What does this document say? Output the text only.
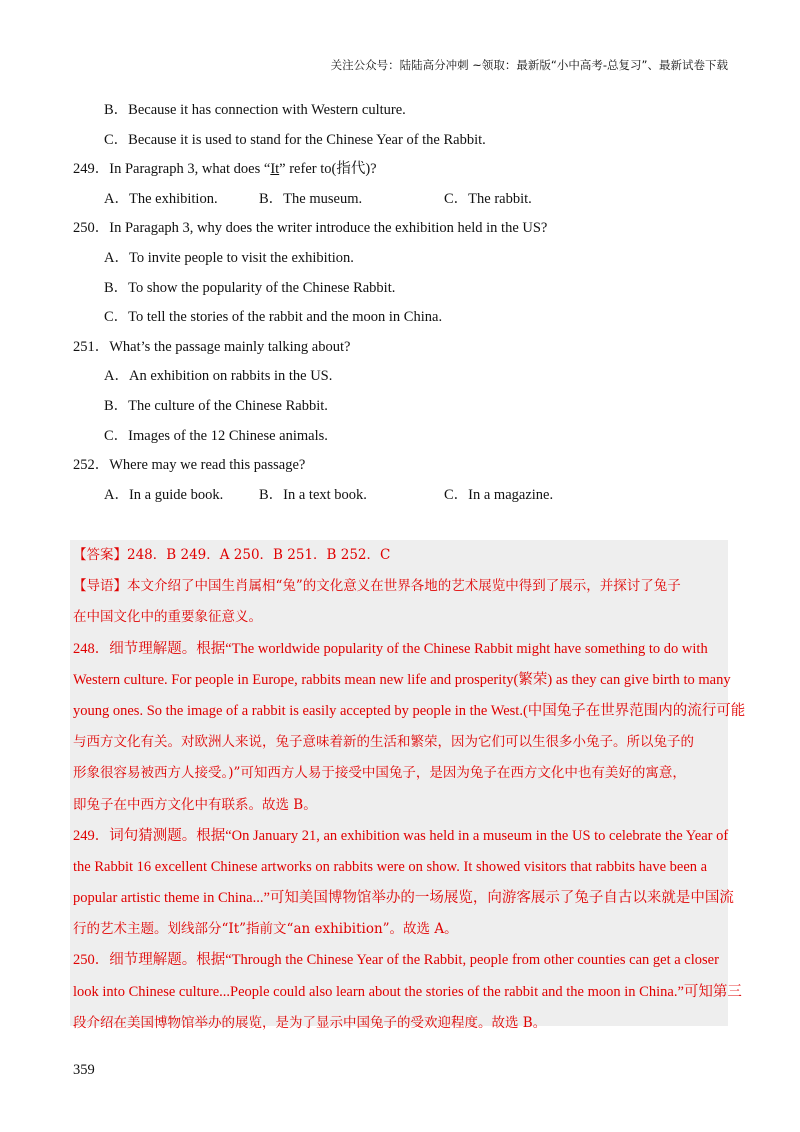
关注公众号：陆陆高分冲刺 ~领取：最新版“小中高考-总复习”、最新试卷下载
B．Because it has connection with Western culture.
C．Because it is used to stand for the Chinese Year of the Rabbit.
249．In Paragraph 3, what does “It” refer to(指代)?
A．The exhibition.	B．The museum.	C．The rabbit.
250．In Paragaph 3, why does the writer introduce the exhibition held in the US?
A．To invite people to visit the exhibition.
B．To show the popularity of the Chinese Rabbit.
C．To tell the stories of the rabbit and the moon in China.
251．What’s the passage mainly talking about?
A．An exhibition on rabbits in the US.
B．The culture of the Chinese Rabbit.
C．Images of the 12 Chinese animals.
252．Where may we read this passage?
A．In a guide book. B．In a text book.	C．In a magazine.
【答案】248．B 249．A 250．B 251．B 252．C
【导语】本文介绍了中国生肖属相“兔”的文化意义在世界各地的艺术展览中得到了展示，并探讨了兔子
在中国文化中的重要象征意义。
248．细节理解题。根据“The worldwide popularity of the Chinese Rabbit might have something to do with
Western culture. For people in Europe, rabbits mean new life and prosperity(繁荣) as they can give birth to many
young ones. So the image of a rabbit is easily accepted by people in the West.(中国兔子在世界范围内的流行可能
与西方文化有关。对欧洲人来说，兔子意味着新的生活和繁荣，因为它们可以生很多小兔子。所以兔子的
形象很容易被西方人接受。)”可知西方人易于接受中国兔子，是因为兔子在西方文化中也有美好的寓意，
即兔子在中西方文化中有联系。故选 B。
249．词句猜测题。根据“On January 21, an exhibition was held in a museum in the US to celebrate the Year of
the Rabbit 16 excellent Chinese artworks on rabbits were on show. It showed visitors that rabbits have been a
popular artistic theme in China...”可知美国博物馆举办的一场展览，向游客展示了兔子自古以来就是中国流
行的艺术主题。划线部分“It”指前文“an exhibition”。故选 A。
250．细节理解题。根据“Through the Chinese Year of the Rabbit, people from other counties can get a closer
look into Chinese culture...People could also learn about the stories of the rabbit and the moon in China.”可知第三
段介绍在美国博物馆举办的展览，是为了显示中国兔子的受欢迎程度。故选 B。
359
